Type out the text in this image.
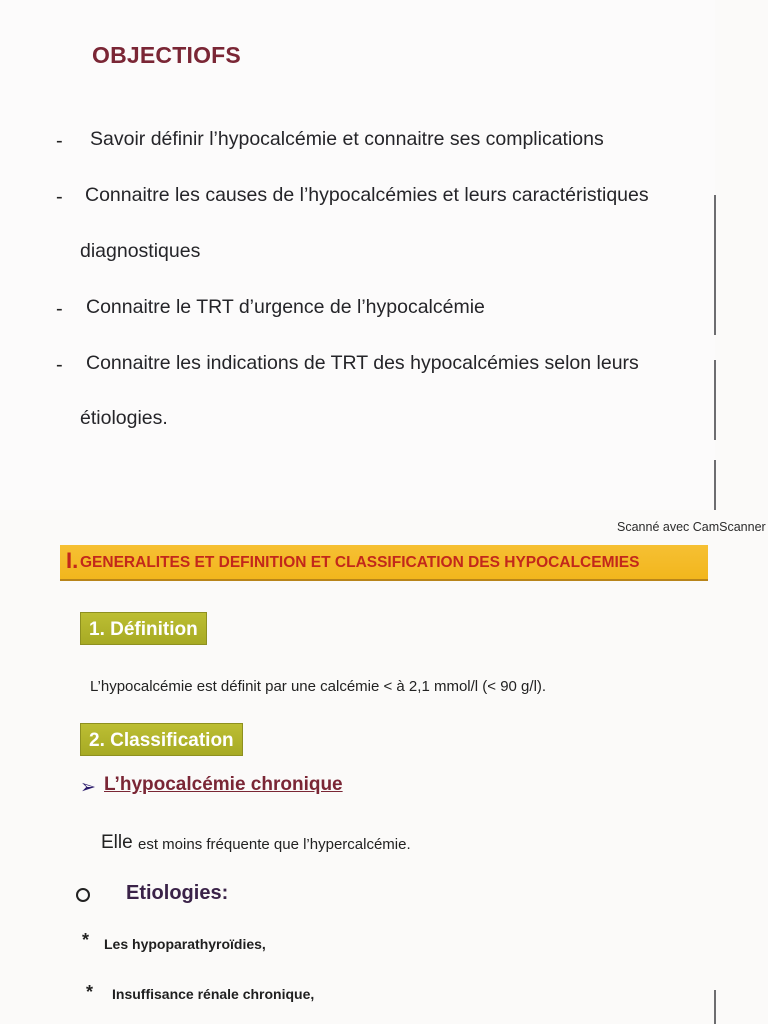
OBJECTIOFS
- Savoir définir l’hypocalcémie et connaitre ses complications
- Connaitre les causes de l’hypocalcémies et leurs caractéristiques
diagnostiques
- Connaitre le TRT d’urgence de l’hypocalcémie
- Connaitre les indications de TRT des hypocalcémies selon leurs
étiologies.
Scanné avec CamScanner
I. GENERALITES ET DEFINITION ET CLASSIFICATION DES HYPOCALCEMIES
1. Définition
L’hypocalcémie est définit par une calcémie < à 2,1 mmol/l (< 90 g/l).
2. Classification
➢ L’hypocalcémie chronique
Elle est moins fréquente que l’hypercalcémie.
Etiologies:
* Les hypoparathyroïdies,
* Insuffisance rénale chronique,
